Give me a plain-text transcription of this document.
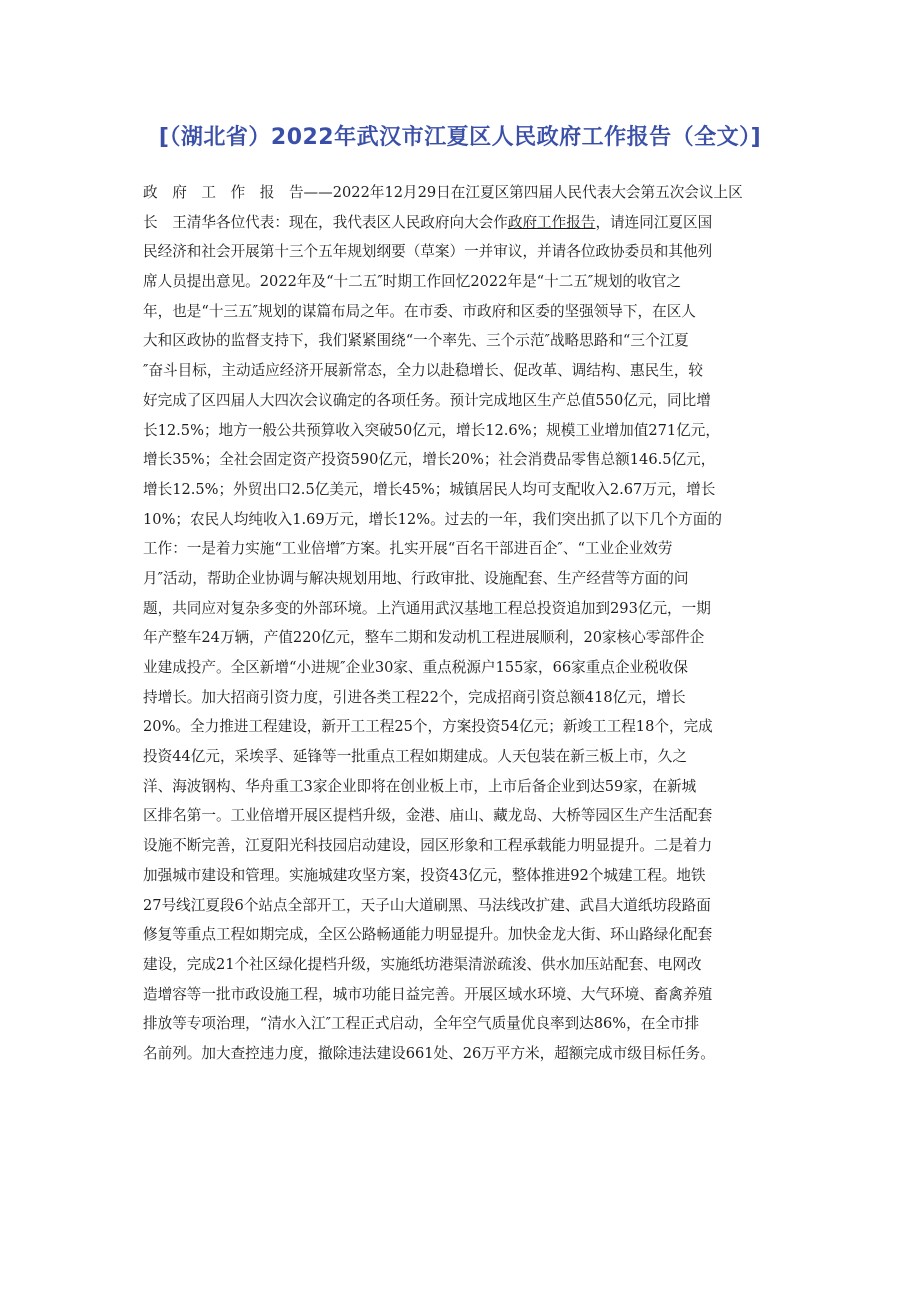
[（湖北省）2022年武汉市江夏区人民政府工作报告（全文）]
政　府　工　作　报　告——2022年12月29日在江夏区第四届人民代表大会第五次会议上区
长　王清华各位代表：现在，我代表区人民政府向大会作政府工作报告，请连同江夏区国
民经济和社会开展第十三个五年规划纲要（草案）一并审议，并请各位政协委员和其他列
席人员提出意见。2022年及“十二五″时期工作回忆2022年是“十二五″规划的收官之
年，也是“十三五″规划的谋篇布局之年。在市委、市政府和区委的坚强领导下，在区人
大和区政协的监督支持下，我们紧紧围绕“一个率先、三个示范″战略思路和“三个江夏
″奋斗目标，主动适应经济开展新常态，全力以赴稳增长、促改革、调结构、惠民生，较
好完成了区四届人大四次会议确定的各项任务。预计完成地区生产总值550亿元，同比增
长12.5%；地方一般公共预算收入突破50亿元，增长12.6%；规模工业增加值271亿元，
增长35%；全社会固定资产投资590亿元，增长20%；社会消费品零售总额146.5亿元，
增长12.5%；外贸出口2.5亿美元，增长45%；城镇居民人均可支配收入2.67万元，增长
10%；农民人均纯收入1.69万元，增长12%。过去的一年，我们突出抓了以下几个方面的
工作：一是着力实施“工业倍增″方案。扎实开展“百名干部进百企″、“工业企业效劳
月″活动，帮助企业协调与解决规划用地、行政审批、设施配套、生产经营等方面的问
题，共同应对复杂多变的外部环境。上汽通用武汉基地工程总投资追加到293亿元，一期
年产整车24万辆，产值220亿元，整车二期和发动机工程进展顺利，20家核心零部件企
业建成投产。全区新增“小进规″企业30家、重点税源户155家，66家重点企业税收保
持增长。加大招商引资力度，引进各类工程22个，完成招商引资总额418亿元，增长
20%。全力推进工程建设，新开工工程25个，方案投资54亿元；新竣工工程18个，完成
投资44亿元，采埃孚、延锋等一批重点工程如期建成。人天包装在新三板上市，久之
洋、海波钢构、华舟重工3家企业即将在创业板上市，上市后备企业到达59家，在新城
区排名第一。工业倍增开展区提档升级，金港、庙山、藏龙岛、大桥等园区生产生活配套
设施不断完善，江夏阳光科技园启动建设，园区形象和工程承载能力明显提升。二是着力
加强城市建设和管理。实施城建攻坚方案，投资43亿元，整体推进92个城建工程。地铁
27号线江夏段6个站点全部开工，天子山大道刷黑、马法线改扩建、武昌大道纸坊段路面
修复等重点工程如期完成，全区公路畅通能力明显提升。加快金龙大街、环山路绿化配套
建设，完成21个社区绿化提档升级，实施纸坊港渠清淤疏浚、供水加压站配套、电网改
造增容等一批市政设施工程，城市功能日益完善。开展区域水环境、大气环境、畜禽养殖
排放等专项治理，“清水入江″工程正式启动，全年空气质量优良率到达86%，在全市排
名前列。加大查控违力度，撤除违法建设661处、26万平方米，超额完成市级目标任务。
